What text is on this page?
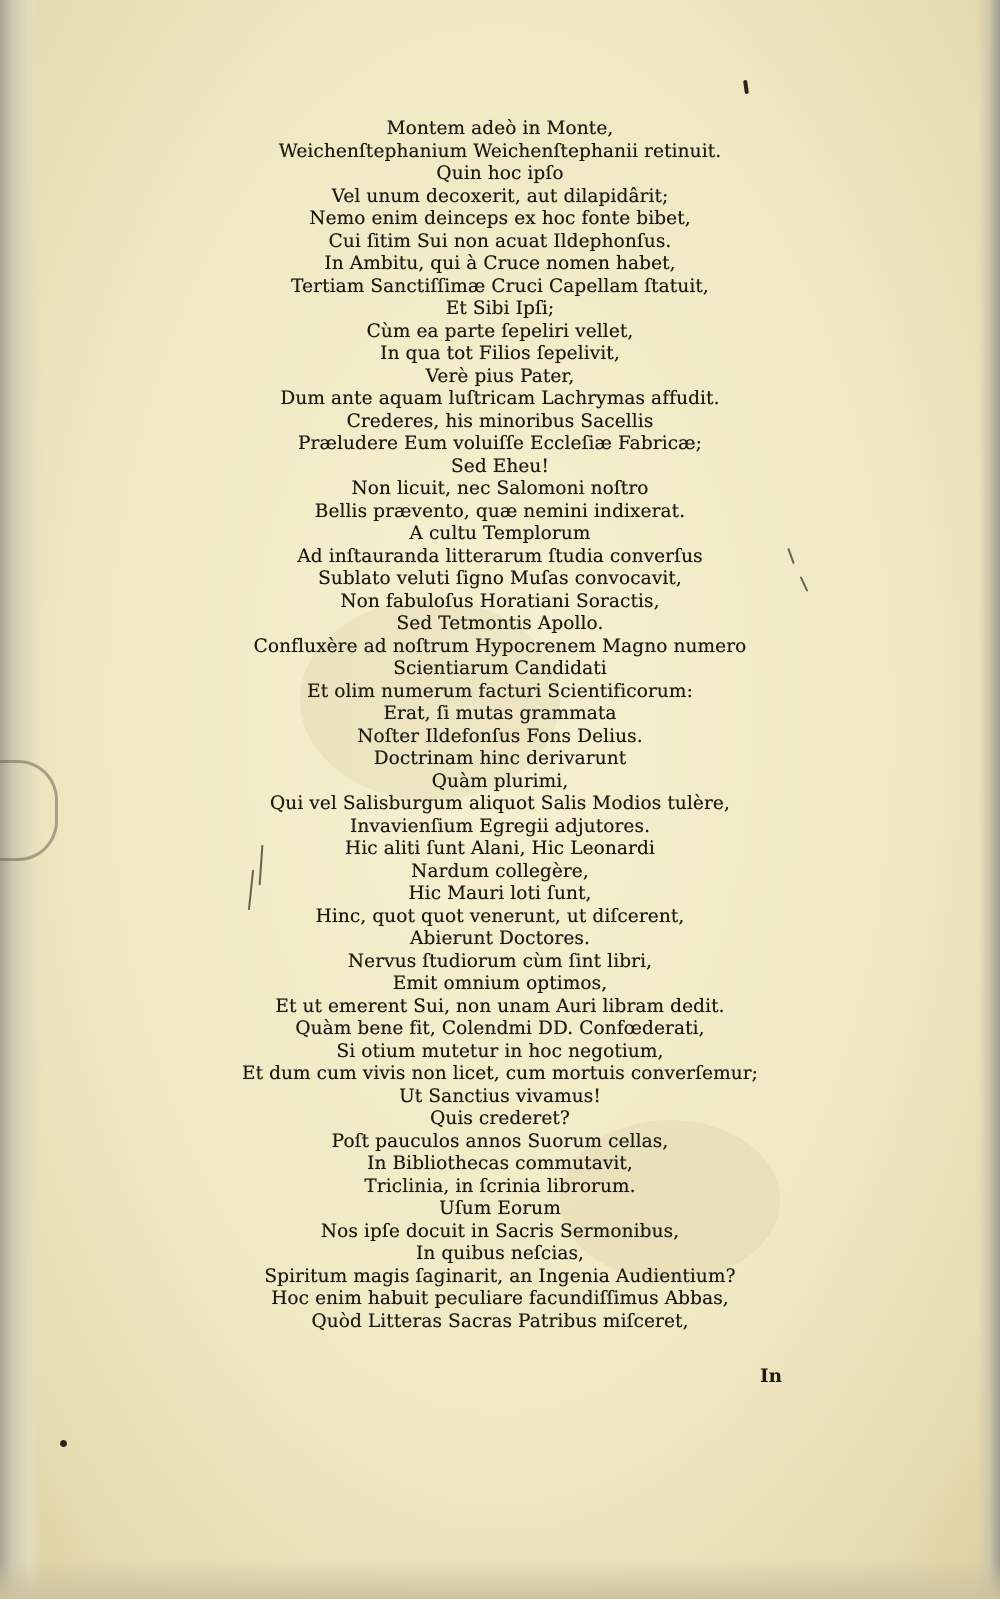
Montem adeò in Monte,
Weichenſtephanium Weichenſtephanii retinuit.
Quin hoc ipſo
Vel unum decoxerit, aut dilapidârit;
Nemo enim deinceps ex hoc fonte bibet,
Cui ſitim Sui non acuat Ildephonſus.
In Ambitu, qui à Cruce nomen habet,
Tertiam Sanctiſſimæ Cruci Capellam ſtatuit,
Et Sibi Ipſi;
Cùm ea parte ſepeliri vellet,
In qua tot Filios ſepelivit,
Verè pius Pater,
Dum ante aquam luſtricam Lachrymas affudit.
Crederes, his minoribus Sacellis
Præludere Eum voluiſſe Eccleſiæ Fabricæ;
Sed Eheu!
Non licuit, nec Salomoni noſtro
Bellis prævento, quæ nemini indixerat.
A cultu Templorum
Ad inſtauranda litterarum ſtudia converſus
Sublato veluti ſigno Muſas convocavit,
Non fabuloſus Horatiani Soractis,
Sed Tetmontis Apollo.
Confluxère ad noſtrum Hypocrenem Magno numero
Scientiarum Candidati
Et olim numerum facturi Scientificorum:
Erat, ſi mutas grammata
Noſter Ildefonſus Fons Delius.
Doctrinam hinc derivarunt
Quàm plurimi,
Qui vel Salisburgum aliquot Salis Modios tulère,
Invavienſium Egregii adjutores.
Hic aliti ſunt Alani, Hic Leonardi
Nardum collegère,
Hic Mauri loti ſunt,
Hinc, quot quot venerunt, ut diſcerent,
Abierunt Doctores.
Nervus ſtudiorum cùm ſint libri,
Emit omnium optimos,
Et ut emerent Sui, non unam Auri libram dedit.
Quàm bene fit, Colendmi DD. Confœderati,
Si otium mutetur in hoc negotium,
Et dum cum vivis non licet, cum mortuis converſemur;
Ut Sanctius vivamus!
Quis crederet?
Poſt pauculos annos Suorum cellas,
In Bibliothecas commutavit,
Triclinia, in ſcrinia librorum.
Uſum Eorum
Nos ipſe docuit in Sacris Sermonibus,
In quibus neſcias,
Spiritum magis ſaginarit, an Ingenia Audientium?
Hoc enim habuit peculiare facundiſſimus Abbas,
Quòd Litteras Sacras Patribus miſceret,
In
